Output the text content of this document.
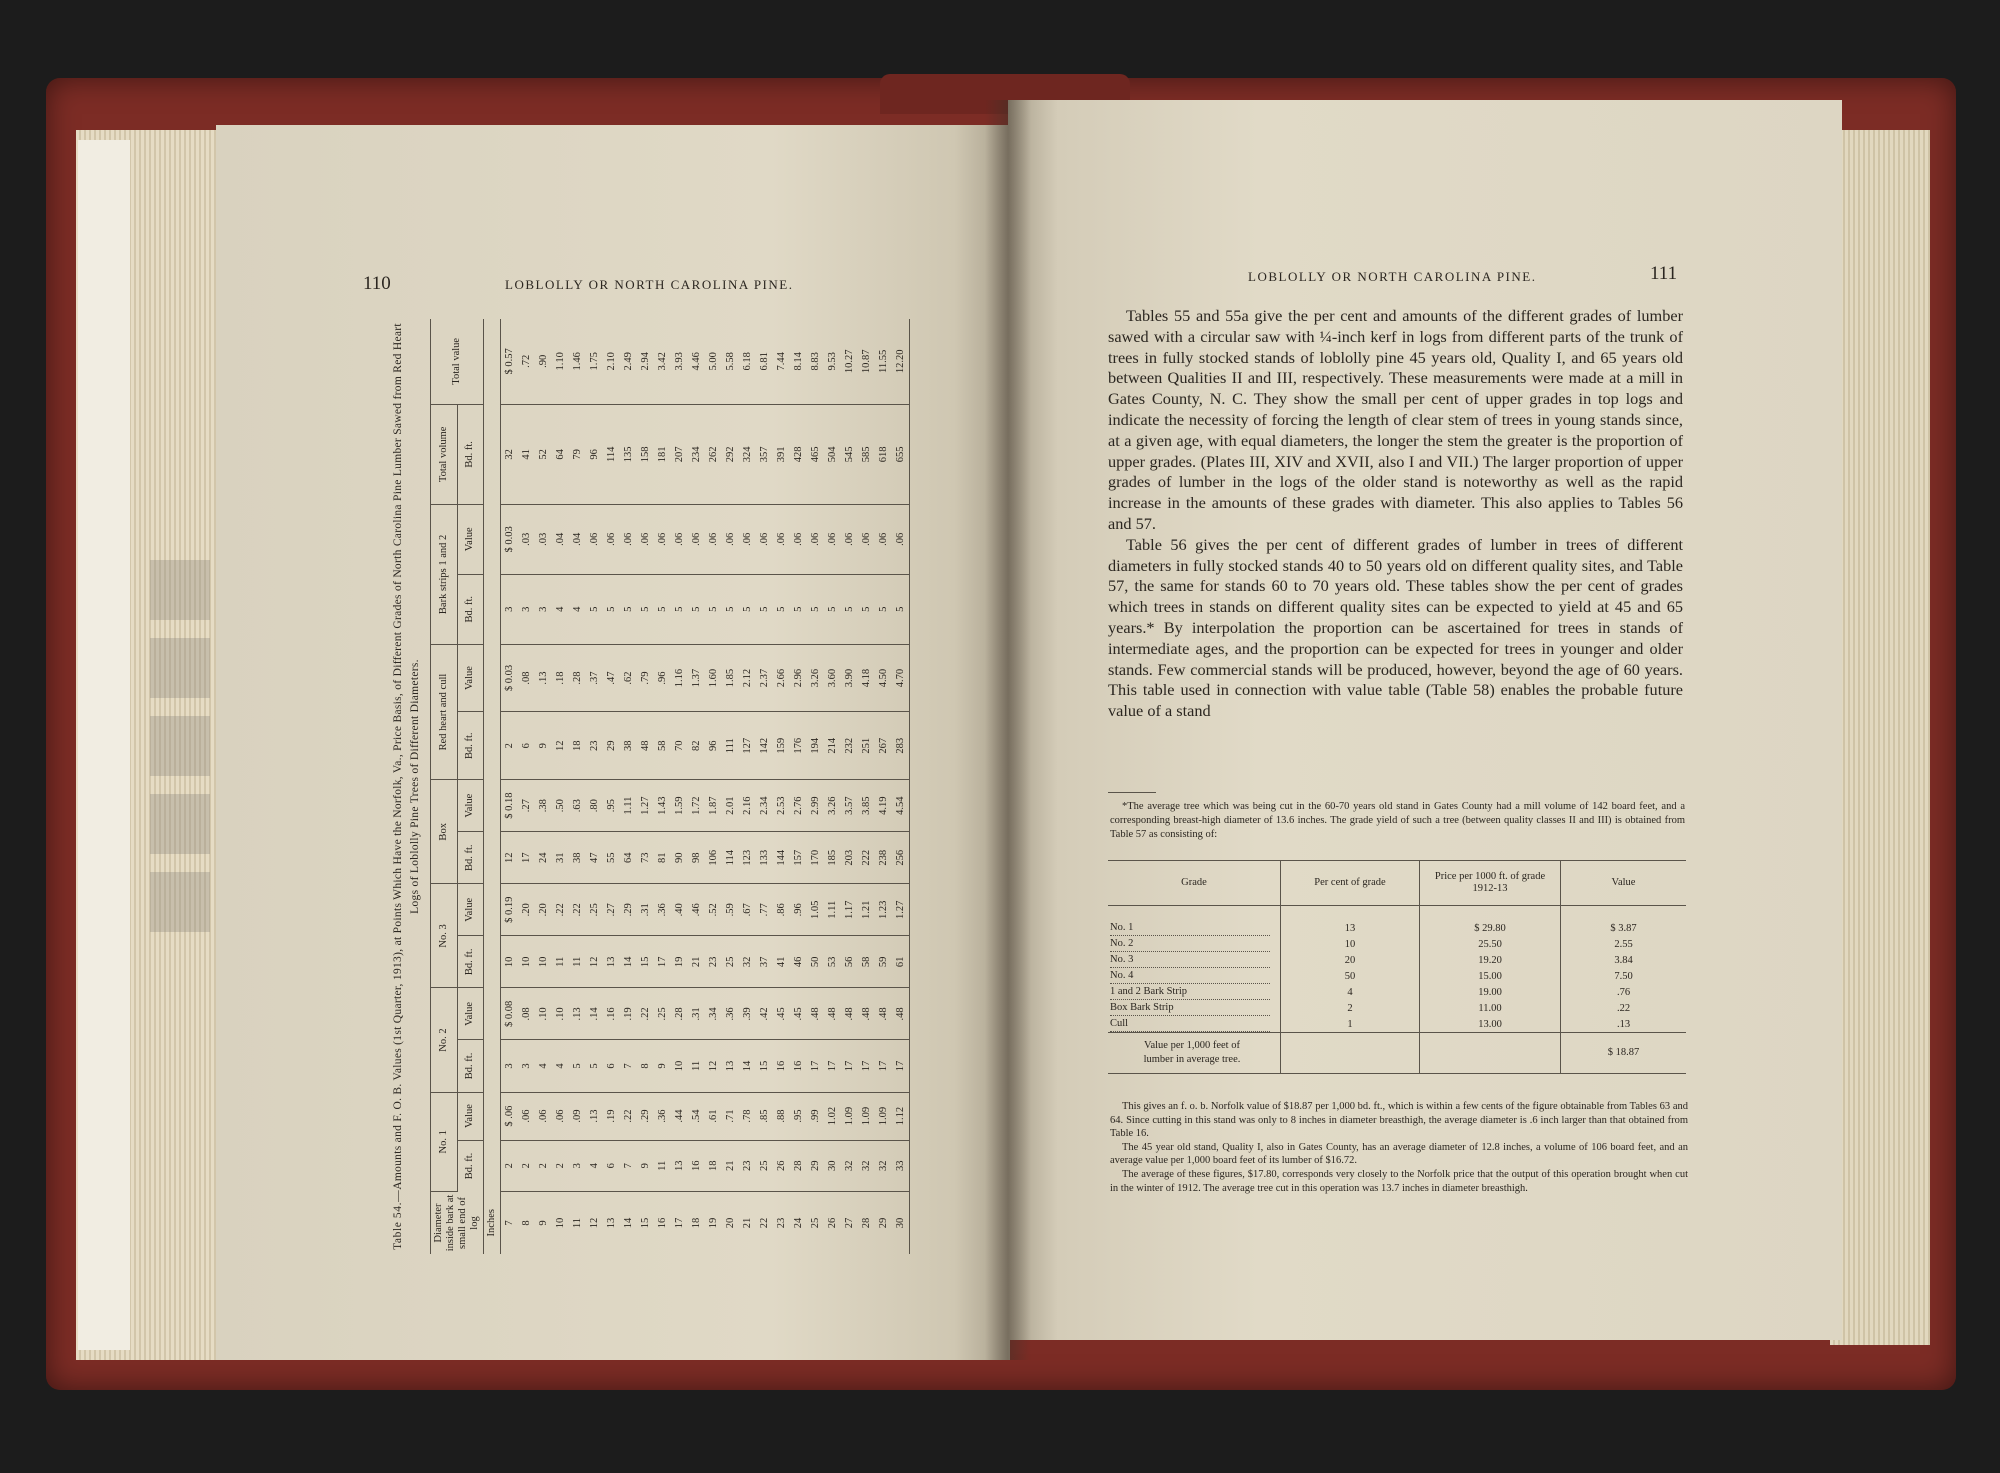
110	LOBLOLLY OR NORTH CAROLINA PINE.
Table 54.—Amounts and F. O. B. Values (1st Quarter, 1913), at Points Which Have the Norfolk, Va., Price Basis, of Different Grades of North Carolina Pine Lumber Sawed from Red Heart Logs of Loblolly Pine Trees of Different Diameters.
Diameter inside bark at small end of log	No. 1		No. 2		No. 3		Box		Red heart and cull		Bark strips 1 and 2		Total volume	Total value
	Bd. ft.	Value	Bd. ft.	Value	Bd. ft.	Value	Bd. ft.	Value	Bd. ft.	Value	Bd. ft.	Value	Bd. ft.	
Inches														
7	2	$ .06	3	$ 0.08	10	$ 0.19	12	$ 0.18	2	$ 0.03	3	$ 0.03	32	$ 0.57
8	2	.06	3	.08	10	.20	17	.27	6	.08	3	.03	41	.72
9	2	.06	4	.10	10	.20	24	.38	9	.13	3	.03	52	.90
10	2	.06	4	.10	11	.22	31	.50	12	.18	4	.04	64	1.10
11	3	.09	5	.13	11	.22	38	.63	18	.28	4	.04	79	1.46
12	4	.13	5	.14	12	.25	47	.80	23	.37	5	.06	96	1.75
13	6	.19	6	.16	13	.27	55	.95	29	.47	5	.06	114	2.10
14	7	.22	7	.19	14	.29	64	1.11	38	.62	5	.06	135	2.49
15	9	.29	8	.22	15	.31	73	1.27	48	.79	5	.06	158	2.94
16	11	.36	9	.25	17	.36	81	1.43	58	.96	5	.06	181	3.42
17	13	.44	10	.28	19	.40	90	1.59	70	1.16	5	.06	207	3.93
18	16	.54	11	.31	21	.46	98	1.72	82	1.37	5	.06	234	4.46
19	18	.61	12	.34	23	.52	106	1.87	96	1.60	5	.06	262	5.00
20	21	.71	13	.36	25	.59	114	2.01	111	1.85	5	.06	292	5.58
21	23	.78	14	.39	32	.67	123	2.16	127	2.12	5	.06	324	6.18
22	25	.85	15	.42	37	.77	133	2.34	142	2.37	5	.06	357	6.81
23	26	.88	16	.45	41	.86	144	2.53	159	2.66	5	.06	391	7.44
24	28	.95	16	.45	46	.96	157	2.76	176	2.96	5	.06	428	8.14
25	29	.99	17	.48	50	1.05	170	2.99	194	3.26	5	.06	465	8.83
26	30	1.02	17	.48	53	1.11	185	3.26	214	3.60	5	.06	504	9.53
27	32	1.09	17	.48	56	1.17	203	3.57	232	3.90	5	.06	545	10.27
28	32	1.09	17	.48	58	1.21	222	3.85	251	4.18	5	.06	585	10.87
29	32	1.09	17	.48	59	1.23	238	4.19	267	4.50	5	.06	618	11.55
30	33	1.12	17	.48	61	1.27	256	4.54	283	4.70	5	.06	655	12.20
LOBLOLLY OR NORTH CAROLINA PINE.	111

Tables 55 and 55a give the per cent and amounts of the different grades of lumber sawed with a circular saw with ¼-inch kerf in logs from different parts of the trunk of trees in fully stocked stands of loblolly pine 45 years old, Quality I, and 65 years old between Qualities II and III, respectively. These measurements were made at a mill in Gates County, N. C. They show the small per cent of upper grades in top logs and indicate the necessity of forcing the length of clear stem of trees in young stands since, at a given age, with equal diameters, the longer the stem the greater is the proportion of upper grades. (Plates III, XIV and XVII, also I and VII.) The larger proportion of upper grades of lumber in the logs of the older stand is noteworthy as well as the rapid increase in the amounts of these grades with diameter. This also applies to Tables 56 and 57.

Table 56 gives the per cent of different grades of lumber in trees of different diameters in fully stocked stands 40 to 50 years old on different quality sites, and Table 57, the same for stands 60 to 70 years old. These tables show the per cent of grades which trees in stands on different quality sites can be expected to yield at 45 and 65 years.* By interpolation the proportion can be ascertained for trees in stands of intermediate ages, and the proportion can be expected for trees in younger and older stands. Few commercial stands will be produced, however, beyond the age of 60 years. This table used in connection with value table (Table 58) enables the probable future value of a stand

*The average tree which was being cut in the 60-70 years old stand in Gates County had a mill volume of 142 board feet, and a corresponding breast-high diameter of 13.6 inches. The grade yield of such a tree (between quality classes II and III) is obtained from Table 57 as consisting of:

Grade	Per cent of grade	Price per 1000 ft. of grade 1912-13	Value
No. 1	13	$ 29.80	$ 3.87
No. 2	10	25.50	2.55
No. 3	20	19.20	3.84
No. 4	50	15.00	7.50
1 and 2 Bark Strip	4	19.00	.76
Box Bark Strip	2	11.00	.22
Cull	1	13.00	.13
Value per 1,000 feet of
lumber in average tree.			$ 18.87

This gives an f. o. b. Norfolk value of $18.87 per 1,000 bd. ft., which is within a few cents of the figure obtainable from Tables 63 and 64. Since cutting in this stand was only to 8 inches in diameter breasthigh, the average diameter is .6 inch larger than that obtained from Table 16.

The 45 year old stand, Quality I, also in Gates County, has an average diameter of 12.8 inches, a volume of 106 board feet, and an average value per 1,000 board feet of its lumber of $16.72.

The average of these figures, $17.80, corresponds very closely to the Norfolk price that the output of this operation brought when cut in the winter of 1912. The average tree cut in this operation was 13.7 inches in diameter breasthigh.
